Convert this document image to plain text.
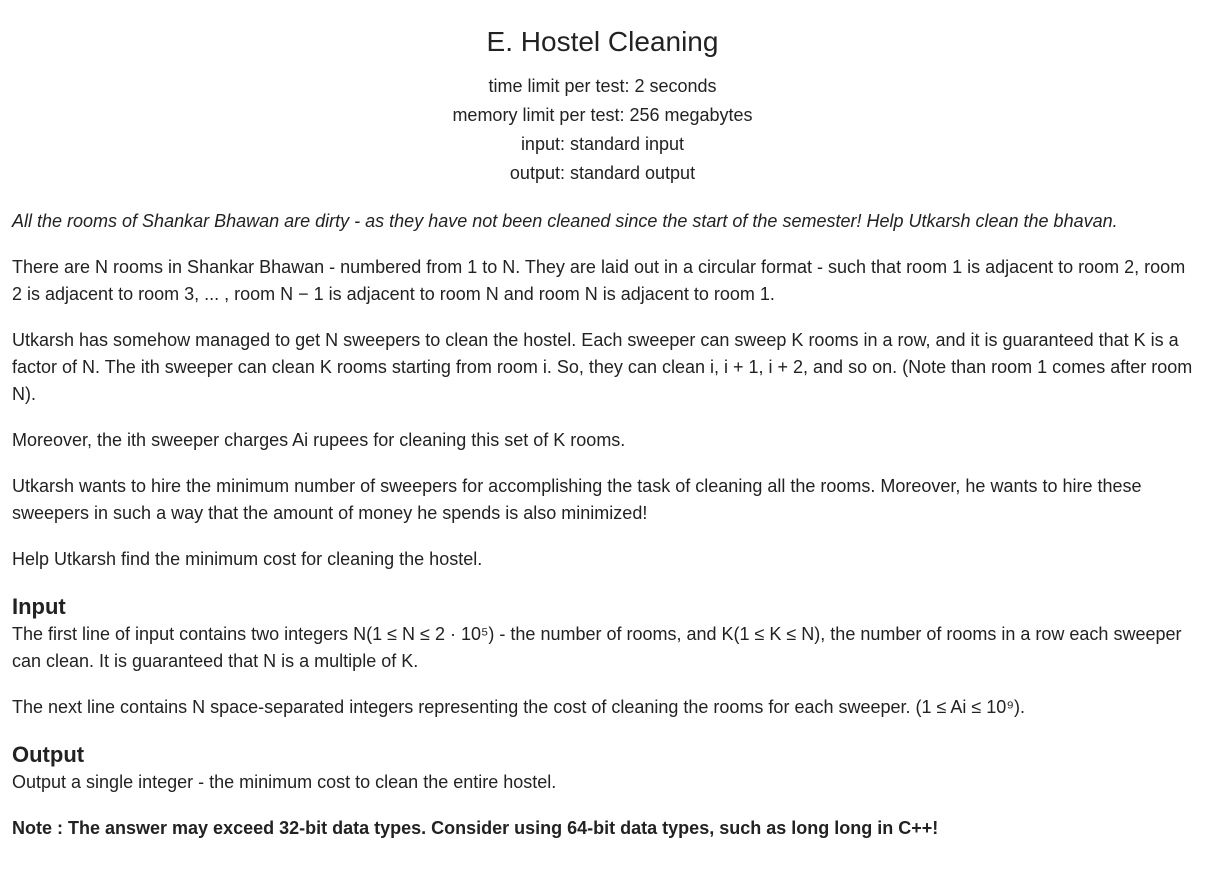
E. Hostel Cleaning
time limit per test: 2 seconds
memory limit per test: 256 megabytes
input: standard input
output: standard output

All the rooms of Shankar Bhawan are dirty - as they have not been cleaned since the start of the semester! Help Utkarsh clean the bhavan.

There are N rooms in Shankar Bhawan - numbered from 1 to N. They are laid out in a circular format - such that room 1 is adjacent to room 2, room 2 is adjacent to room 3, ... , room N − 1 is adjacent to room N and room N is adjacent to room 1.

Utkarsh has somehow managed to get N sweepers to clean the hostel. Each sweeper can sweep K rooms in a row, and it is guaranteed that K is a factor of N. The ith sweeper can clean K rooms starting from room i. So, they can clean i, i + 1, i + 2, and so on. (Note than room 1 comes after room N).

Moreover, the ith sweeper charges Ai rupees for cleaning this set of K rooms.

Utkarsh wants to hire the minimum number of sweepers for accomplishing the task of cleaning all the rooms. Moreover, he wants to hire these sweepers in such a way that the amount of money he spends is also minimized!

Help Utkarsh find the minimum cost for cleaning the hostel.

Input

The first line of input contains two integers N(1 ≤ N ≤ 2 · 10⁵) - the number of rooms, and K(1 ≤ K ≤ N), the number of rooms in a row each sweeper can clean. It is guaranteed that N is a multiple of K.

The next line contains N space-separated integers representing the cost of cleaning the rooms for each sweeper. (1 ≤ Ai ≤ 10⁹).

Output

Output a single integer - the minimum cost to clean the entire hostel.

Note : The answer may exceed 32-bit data types. Consider using 64-bit data types, such as long long in C++!
